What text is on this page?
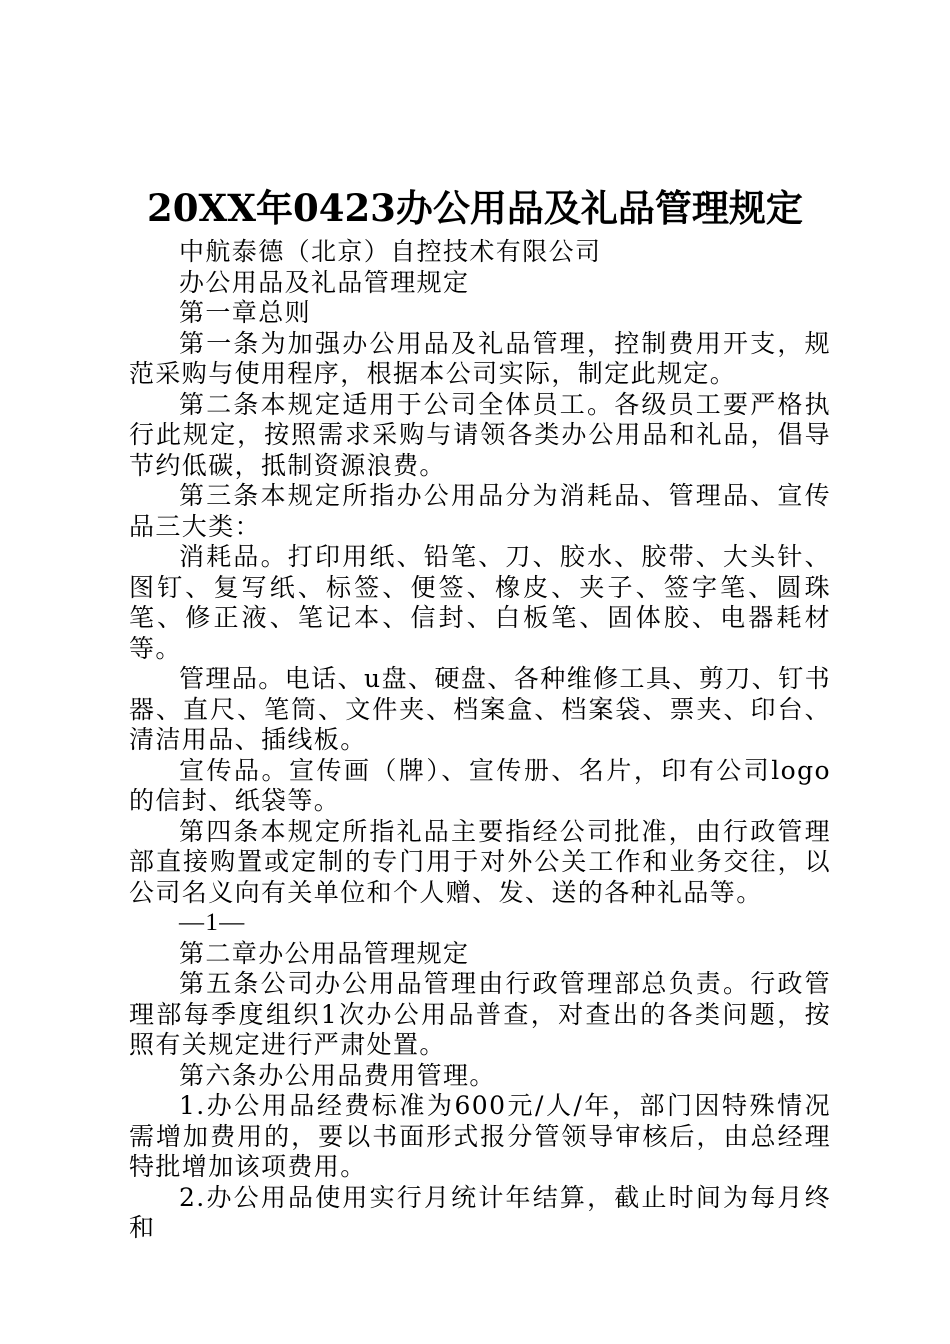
20XX年0423办公用品及礼品管理规定

中航泰德（北京）自控技术有限公司

办公用品及礼品管理规定

第一章总则

第一条为加强办公用品及礼品管理，控制费用开支，规范采购与使用程序，根据本公司实际，制定此规定。

第二条本规定适用于公司全体员工。各级员工要严格执行此规定，按照需求采购与请领各类办公用品和礼品，倡导节约低碳，抵制资源浪费。

第三条本规定所指办公用品分为消耗品、管理品、宣传品三大类：

消耗品。打印用纸、铅笔、刀、胶水、胶带、大头针、图钉、复写纸、标签、便签、橡皮、夹子、签字笔、圆珠笔、修正液、笔记本、信封、白板笔、固体胶、电器耗材等。

管理品。电话、u盘、硬盘、各种维修工具、剪刀、钉书器、直尺、笔筒、文件夹、档案盒、档案袋、票夹、印台、清洁用品、插线板。

宣传品。宣传画（牌）、宣传册、名片，印有公司logo的信封、纸袋等。

第四条本规定所指礼品主要指经公司批准，由行政管理部直接购置或定制的专门用于对外公关工作和业务交往，以公司名义向有关单位和个人赠、发、送的各种礼品等。

—1—

第二章办公用品管理规定

第五条公司办公用品管理由行政管理部总负责。行政管理部每季度组织1次办公用品普查，对查出的各类问题，按照有关规定进行严肃处置。

第六条办公用品费用管理。

1.办公用品经费标准为600元/人/年，部门因特殊情况需增加费用的，要以书面形式报分管领导审核后，由总经理特批增加该项费用。

2.办公用品使用实行月统计年结算，截止时间为每月终和
